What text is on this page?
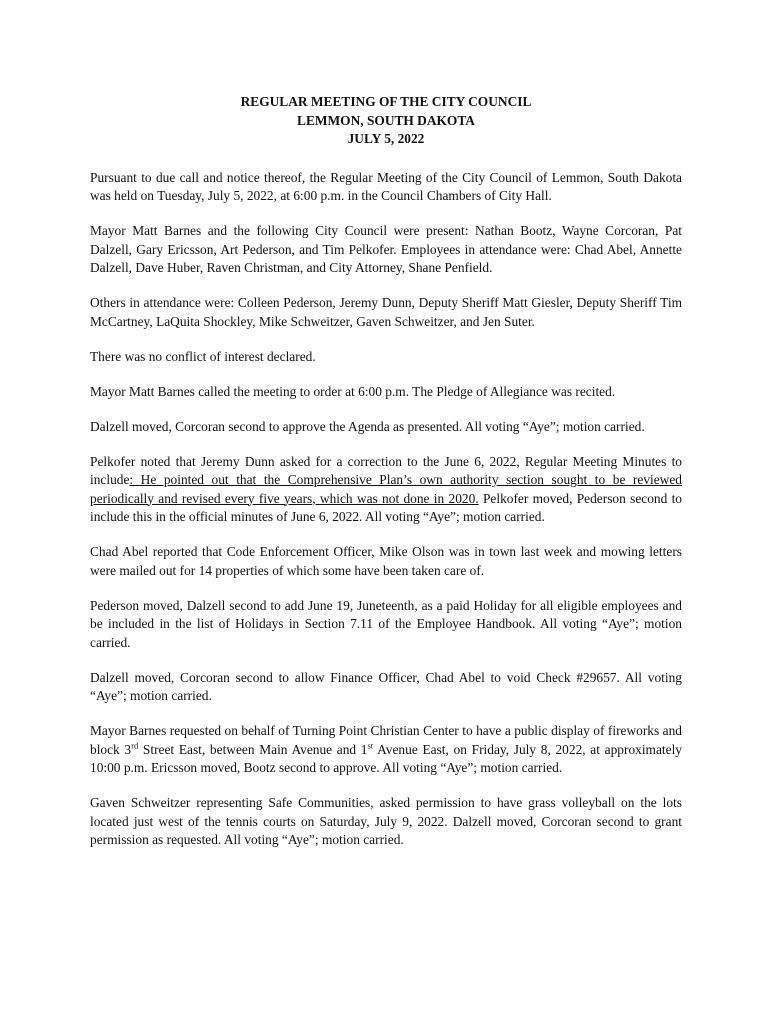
REGULAR MEETING OF THE CITY COUNCIL
LEMMON, SOUTH DAKOTA
JULY 5, 2022

Pursuant to due call and notice thereof, the Regular Meeting of the City Council of Lemmon, South Dakota was held on Tuesday, July 5, 2022, at 6:00 p.m. in the Council Chambers of City Hall.

Mayor Matt Barnes and the following City Council were present: Nathan Bootz, Wayne Corcoran, Pat Dalzell, Gary Ericsson, Art Pederson, and Tim Pelkofer. Employees in attendance were: Chad Abel, Annette Dalzell, Dave Huber, Raven Christman, and City Attorney, Shane Penfield.

Others in attendance were: Colleen Pederson, Jeremy Dunn, Deputy Sheriff Matt Giesler, Deputy Sheriff Tim McCartney, LaQuita Shockley, Mike Schweitzer, Gaven Schweitzer, and Jen Suter.

There was no conflict of interest declared.

Mayor Matt Barnes called the meeting to order at 6:00 p.m. The Pledge of Allegiance was recited.

Dalzell moved, Corcoran second to approve the Agenda as presented. All voting “Aye”; motion carried.

Pelkofer noted that Jeremy Dunn asked for a correction to the June 6, 2022, Regular Meeting Minutes to include: He pointed out that the Comprehensive Plan’s own authority section sought to be reviewed periodically and revised every five years, which was not done in 2020. Pelkofer moved, Pederson second to include this in the official minutes of June 6, 2022. All voting “Aye”; motion carried.

Chad Abel reported that Code Enforcement Officer, Mike Olson was in town last week and mowing letters were mailed out for 14 properties of which some have been taken care of.

Pederson moved, Dalzell second to add June 19, Juneteenth, as a paid Holiday for all eligible employees and be included in the list of Holidays in Section 7.11 of the Employee Handbook. All voting “Aye”; motion carried.

Dalzell moved, Corcoran second to allow Finance Officer, Chad Abel to void Check #29657. All voting “Aye”; motion carried.

Mayor Barnes requested on behalf of Turning Point Christian Center to have a public display of fireworks and block 3rd Street East, between Main Avenue and 1st Avenue East, on Friday, July 8, 2022, at approximately 10:00 p.m. Ericsson moved, Bootz second to approve. All voting “Aye”; motion carried.

Gaven Schweitzer representing Safe Communities, asked permission to have grass volleyball on the lots located just west of the tennis courts on Saturday, July 9, 2022. Dalzell moved, Corcoran second to grant permission as requested. All voting “Aye”; motion carried.
